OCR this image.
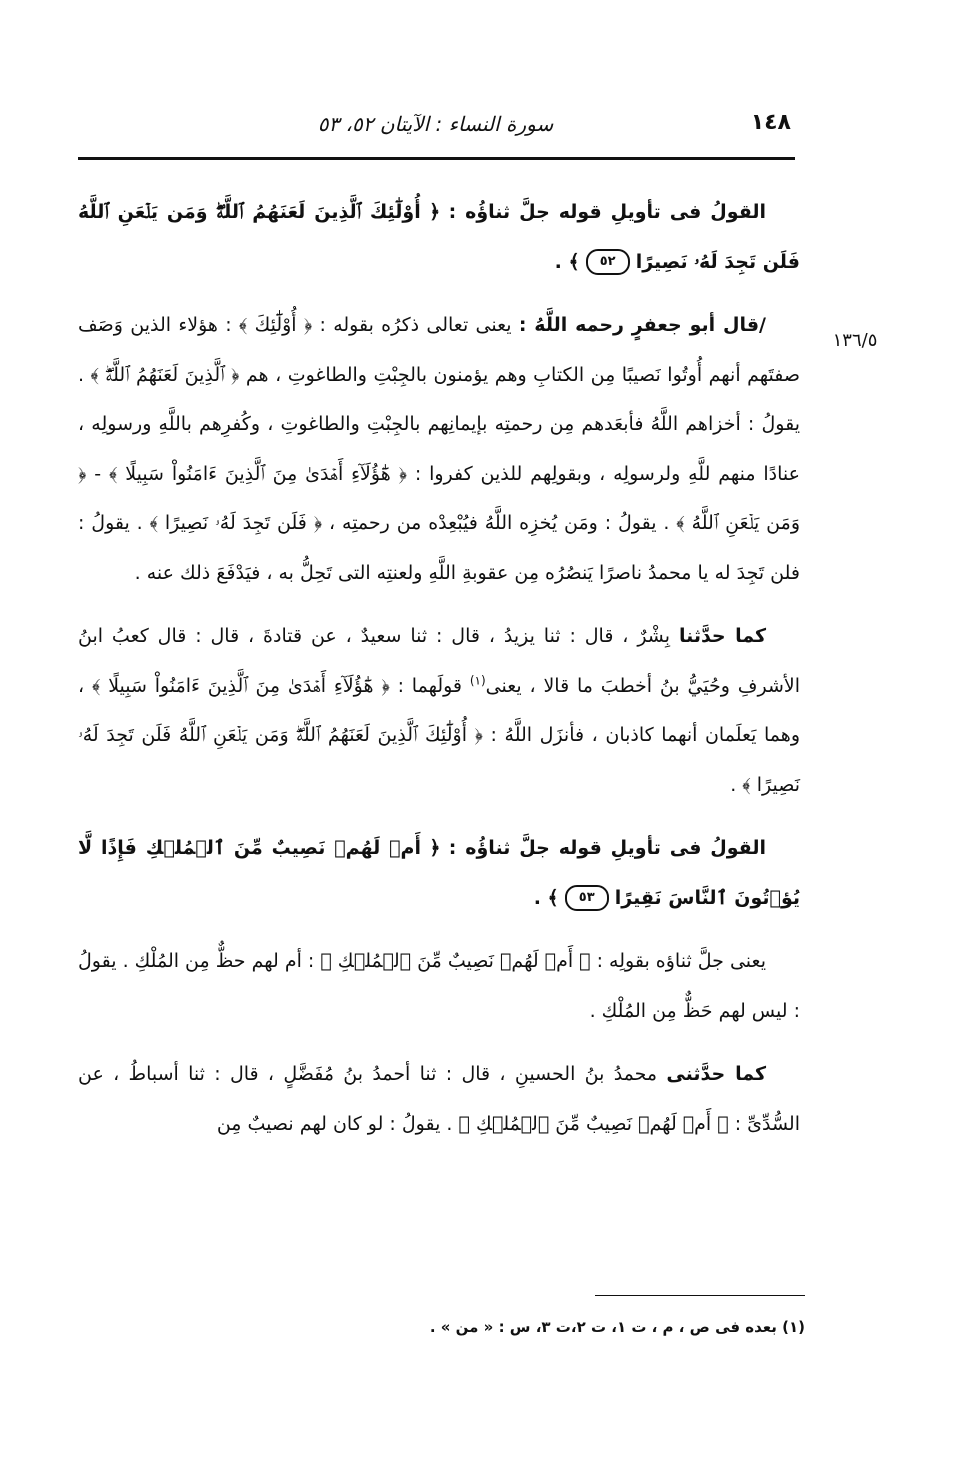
سورة النساء : الآيتان ٥٢، ٥٣	١٤٨
١٣٦/٥

القولُ فى تأويلِ قوله جلَّ ثناؤُه : ﴿ أُوْلَٰٓئِكَ ٱلَّذِينَ لَعَنَهُمُ ٱللَّهُۖ وَمَن يَلۡعَنِ ٱللَّهُ فَلَن تَجِدَ لَهُۥ نَصِيرًا ٥٢ ﴾ .

/قال أبو جعفرٍ رحمه اللَّهُ : يعنى تعالى ذكرُه بقوله : ﴿ أُوْلَٰٓئِكَ ﴾ : هؤلاء الذين وَصَف صفتَهم أنهم أُوتُوا نَصيبًا مِن الكتابِ وهم يؤمنون بالجِبْتِ والطاغوتِ ، هم ﴿ ٱلَّذِينَ لَعَنَهُمُ ٱللَّهُۖ ﴾ . يقولُ : أخزاهم اللَّهُ فأبعَدهم مِن رحمتِه بإيمانِهم بالجِبْتِ والطاغوتِ ، وكُفرِهم باللَّهِ ورسولِه ، عنادًا منهم للَّهِ ولرسولِه ، وبقولِهم للذين كفروا : ﴿ هَٰٓؤُلَآءِ أَهۡدَىٰ مِنَ ٱلَّذِينَ ءَامَنُواْ سَبِيلًا ﴾ - ﴿ وَمَن يَلۡعَنِ ٱللَّهُ ﴾ . يقولُ : ومَن يُخزِه اللَّهُ فيُبْعِدْه من رحمتِه ، ﴿ فَلَن تَجِدَ لَهُۥ نَصِيرًا ﴾ . يقولُ : فلن تَجِدَ له يا محمدُ ناصرًا يَنصُرُه مِن عقوبةِ اللَّهِ ولعنتِه التى تَحِلُّ به ، فيَدْفَعَ ذلك عنه .

كما حدَّثنا بِشْرٌ ، قال : ثنا يزيدُ ، قال : ثنا سعيدٌ ، عن قتادةَ ، قال : قال كعبُ ابنُ الأشرفِ وحُيَيُّ بنُ أخطبَ ما قالا ، يعنى$^{(١)}$ قولَهما : ﴿ هَٰٓؤُلَآءِ أَهۡدَىٰ مِنَ ٱلَّذِينَ ءَامَنُواْ سَبِيلًا ﴾ ، وهما يَعلَمان أنهما كاذبان ، فأنزَل اللَّهُ : ﴿ أُوْلَٰٓئِكَ ٱلَّذِينَ لَعَنَهُمُ ٱللَّهُۖ وَمَن يَلۡعَنِ ٱللَّهُ فَلَن تَجِدَ لَهُۥ نَصِيرًا ﴾ .

القولُ فى تأويلِ قوله جلَّ ثناؤُه : ﴿ أَمۡ لَهُمۡ نَصِيبٌ مِّنَ ٱلۡمُلۡكِ فَإِذًا لَّا يُؤۡتُونَ ٱلنَّاسَ نَقِيرًا ٥٣ ﴾ .

يعنى جلَّ ثناؤه بقولِه : ﴿ أَمۡ لَهُمۡ نَصِيبٌ مِّنَ ٱلۡمُلۡكِ ﴾ : أم لهم حظٌّ مِن المُلْكِ . يقولُ : ليس لهم حَظٌّ مِن المُلْكِ .

كما حدَّثنى محمدُ بنُ الحسينِ ، قال : ثنا أحمدُ بنُ مُفَضَّلٍ ، قال : ثنا أسباطُ ، عن السُّدِّىِّ : ﴿ أَمۡ لَهُمۡ نَصِيبٌ مِّنَ ٱلۡمُلۡكِ ﴾ . يقولُ : لو كان لهم نصيبٌ مِن

(١) بعده فى ص ، م ، ت ١، ت ٢،ت ٣، س : « من » .
